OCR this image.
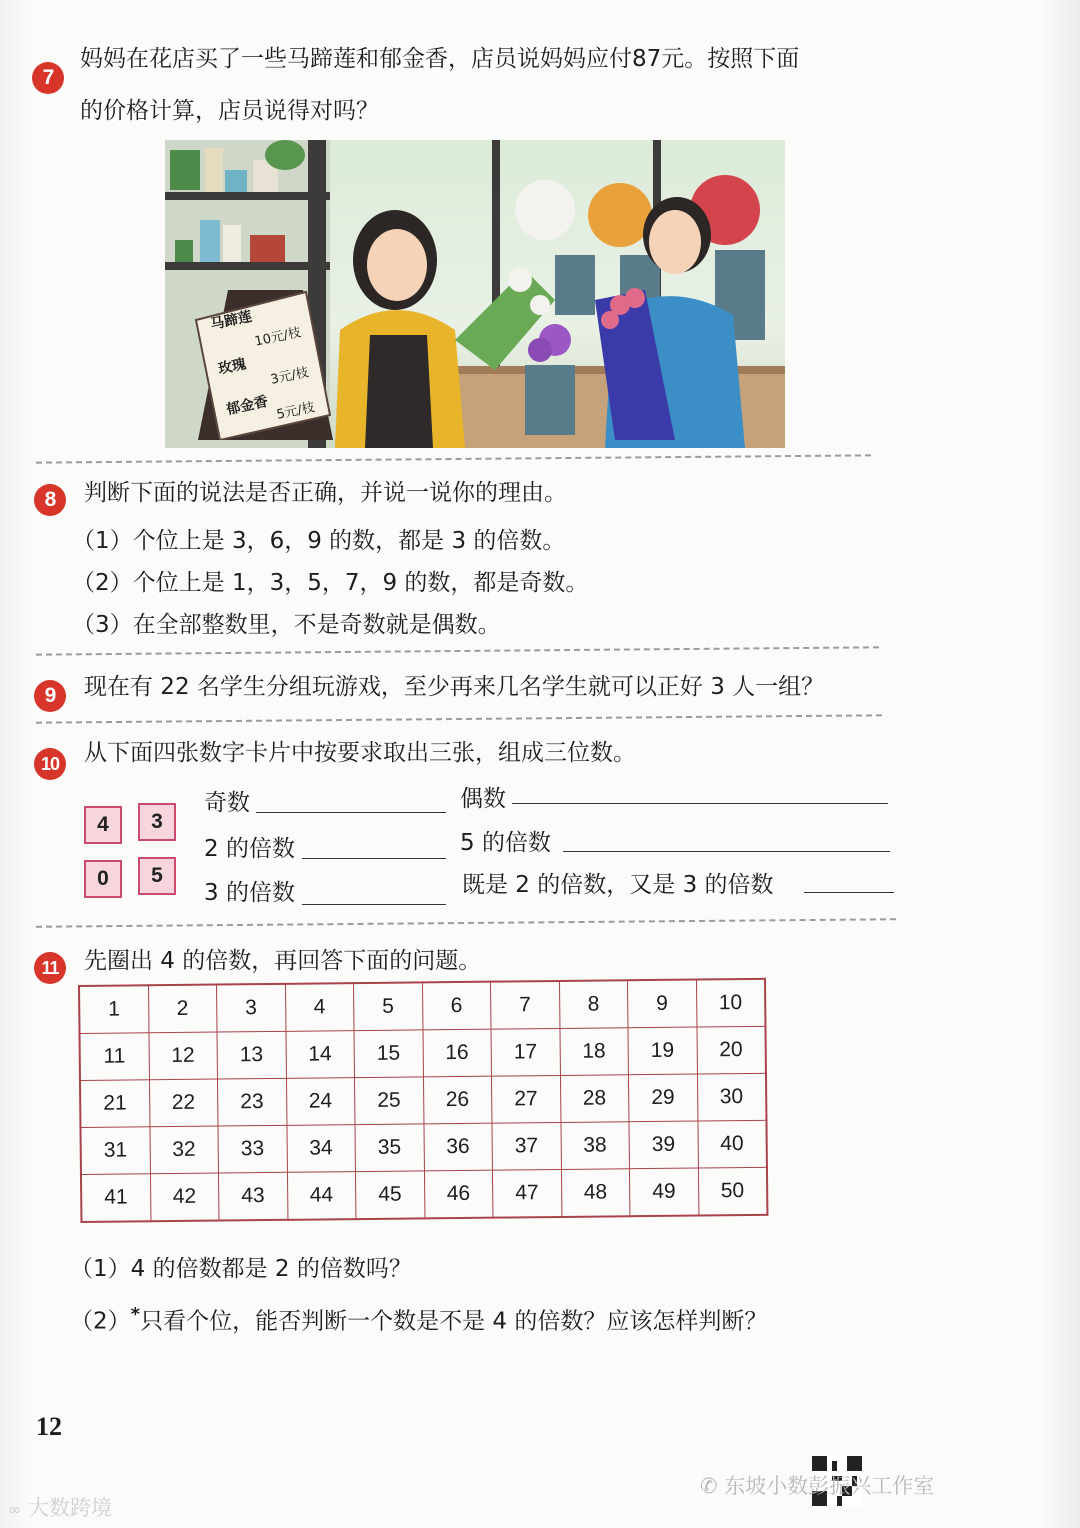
7
妈妈在花店买了一些马蹄莲和郁金香，店员说妈妈应付87元。按照下面
的价格计算，店员说得对吗？
马蹄莲
10元/枝
玫瑰 3元/枝
郁金香 5元/枝
8	判断下面的说法是否正确，并说一说你的理由。
（1）个位上是 3，6，9 的数，都是 3 的倍数。
（2）个位上是 1，3，5，7，9 的数，都是奇数。
（3）在全部整数里，不是奇数就是偶数。
9	现在有 22 名学生分组玩游戏，至少再来几名学生就可以正好 3 人一组？
10	从下面四张数字卡片中按要求取出三张，组成三位数。
4	3
0	5
奇数	偶数
2 的倍数	5 的倍数
3 的倍数	既是 2 的倍数，又是 3 的倍数
11	先圈出 4 的倍数，再回答下面的问题。
1	2	3	4	5	6	7	8	9	10
11	12	13	14	15	16	17	18	19	20
21	22	23	24	25	26	27	28	29	30
31	32	33	34	35	36	37	38	39	40
41	42	43	44	45	46	47	48	49	50
（1）4 的倍数都是 2 的倍数吗？
（2）*只看个位，能否判断一个数是不是 4 的倍数？应该怎样判断？
12
∞ 大数跨境
✆ 东坡小数彭振兴工作室
